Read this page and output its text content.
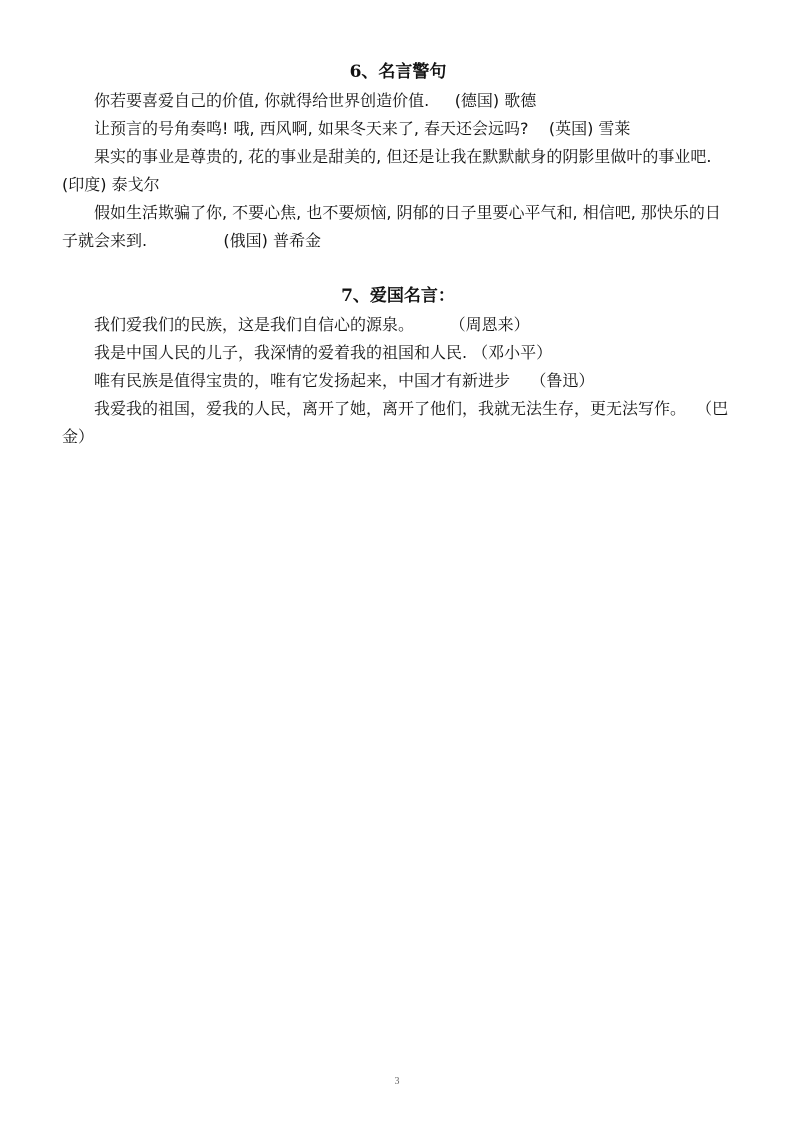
6、名言警句

你若要喜爱自己的价值, 你就得给世界创造价值.     (德国) 歌德

让预言的号角奏鸣! 哦, 西风啊, 如果冬天来了, 春天还会远吗?    (英国) 雪莱

果实的事业是尊贵的, 花的事业是甜美的, 但还是让我在默默献身的阴影里做叶的事业吧.         (印度) 泰戈尔

假如生活欺骗了你, 不要心焦, 也不要烦恼, 阴郁的日子里要心平气和, 相信吧, 那快乐的日子就会来到.               (俄国) 普希金

7、爱国名言：

我们爱我们的民族，这是我们自信心的源泉。       （周恩来）

我是中国人民的儿子，我深情的爱着我的祖国和人民. （邓小平）

唯有民族是值得宝贵的，唯有它发扬起来，中国才有新进步    （鲁迅）

我爱我的祖国，爱我的人民，离开了她，离开了他们，我就无法生存，更无法写作。  （巴金）

3
